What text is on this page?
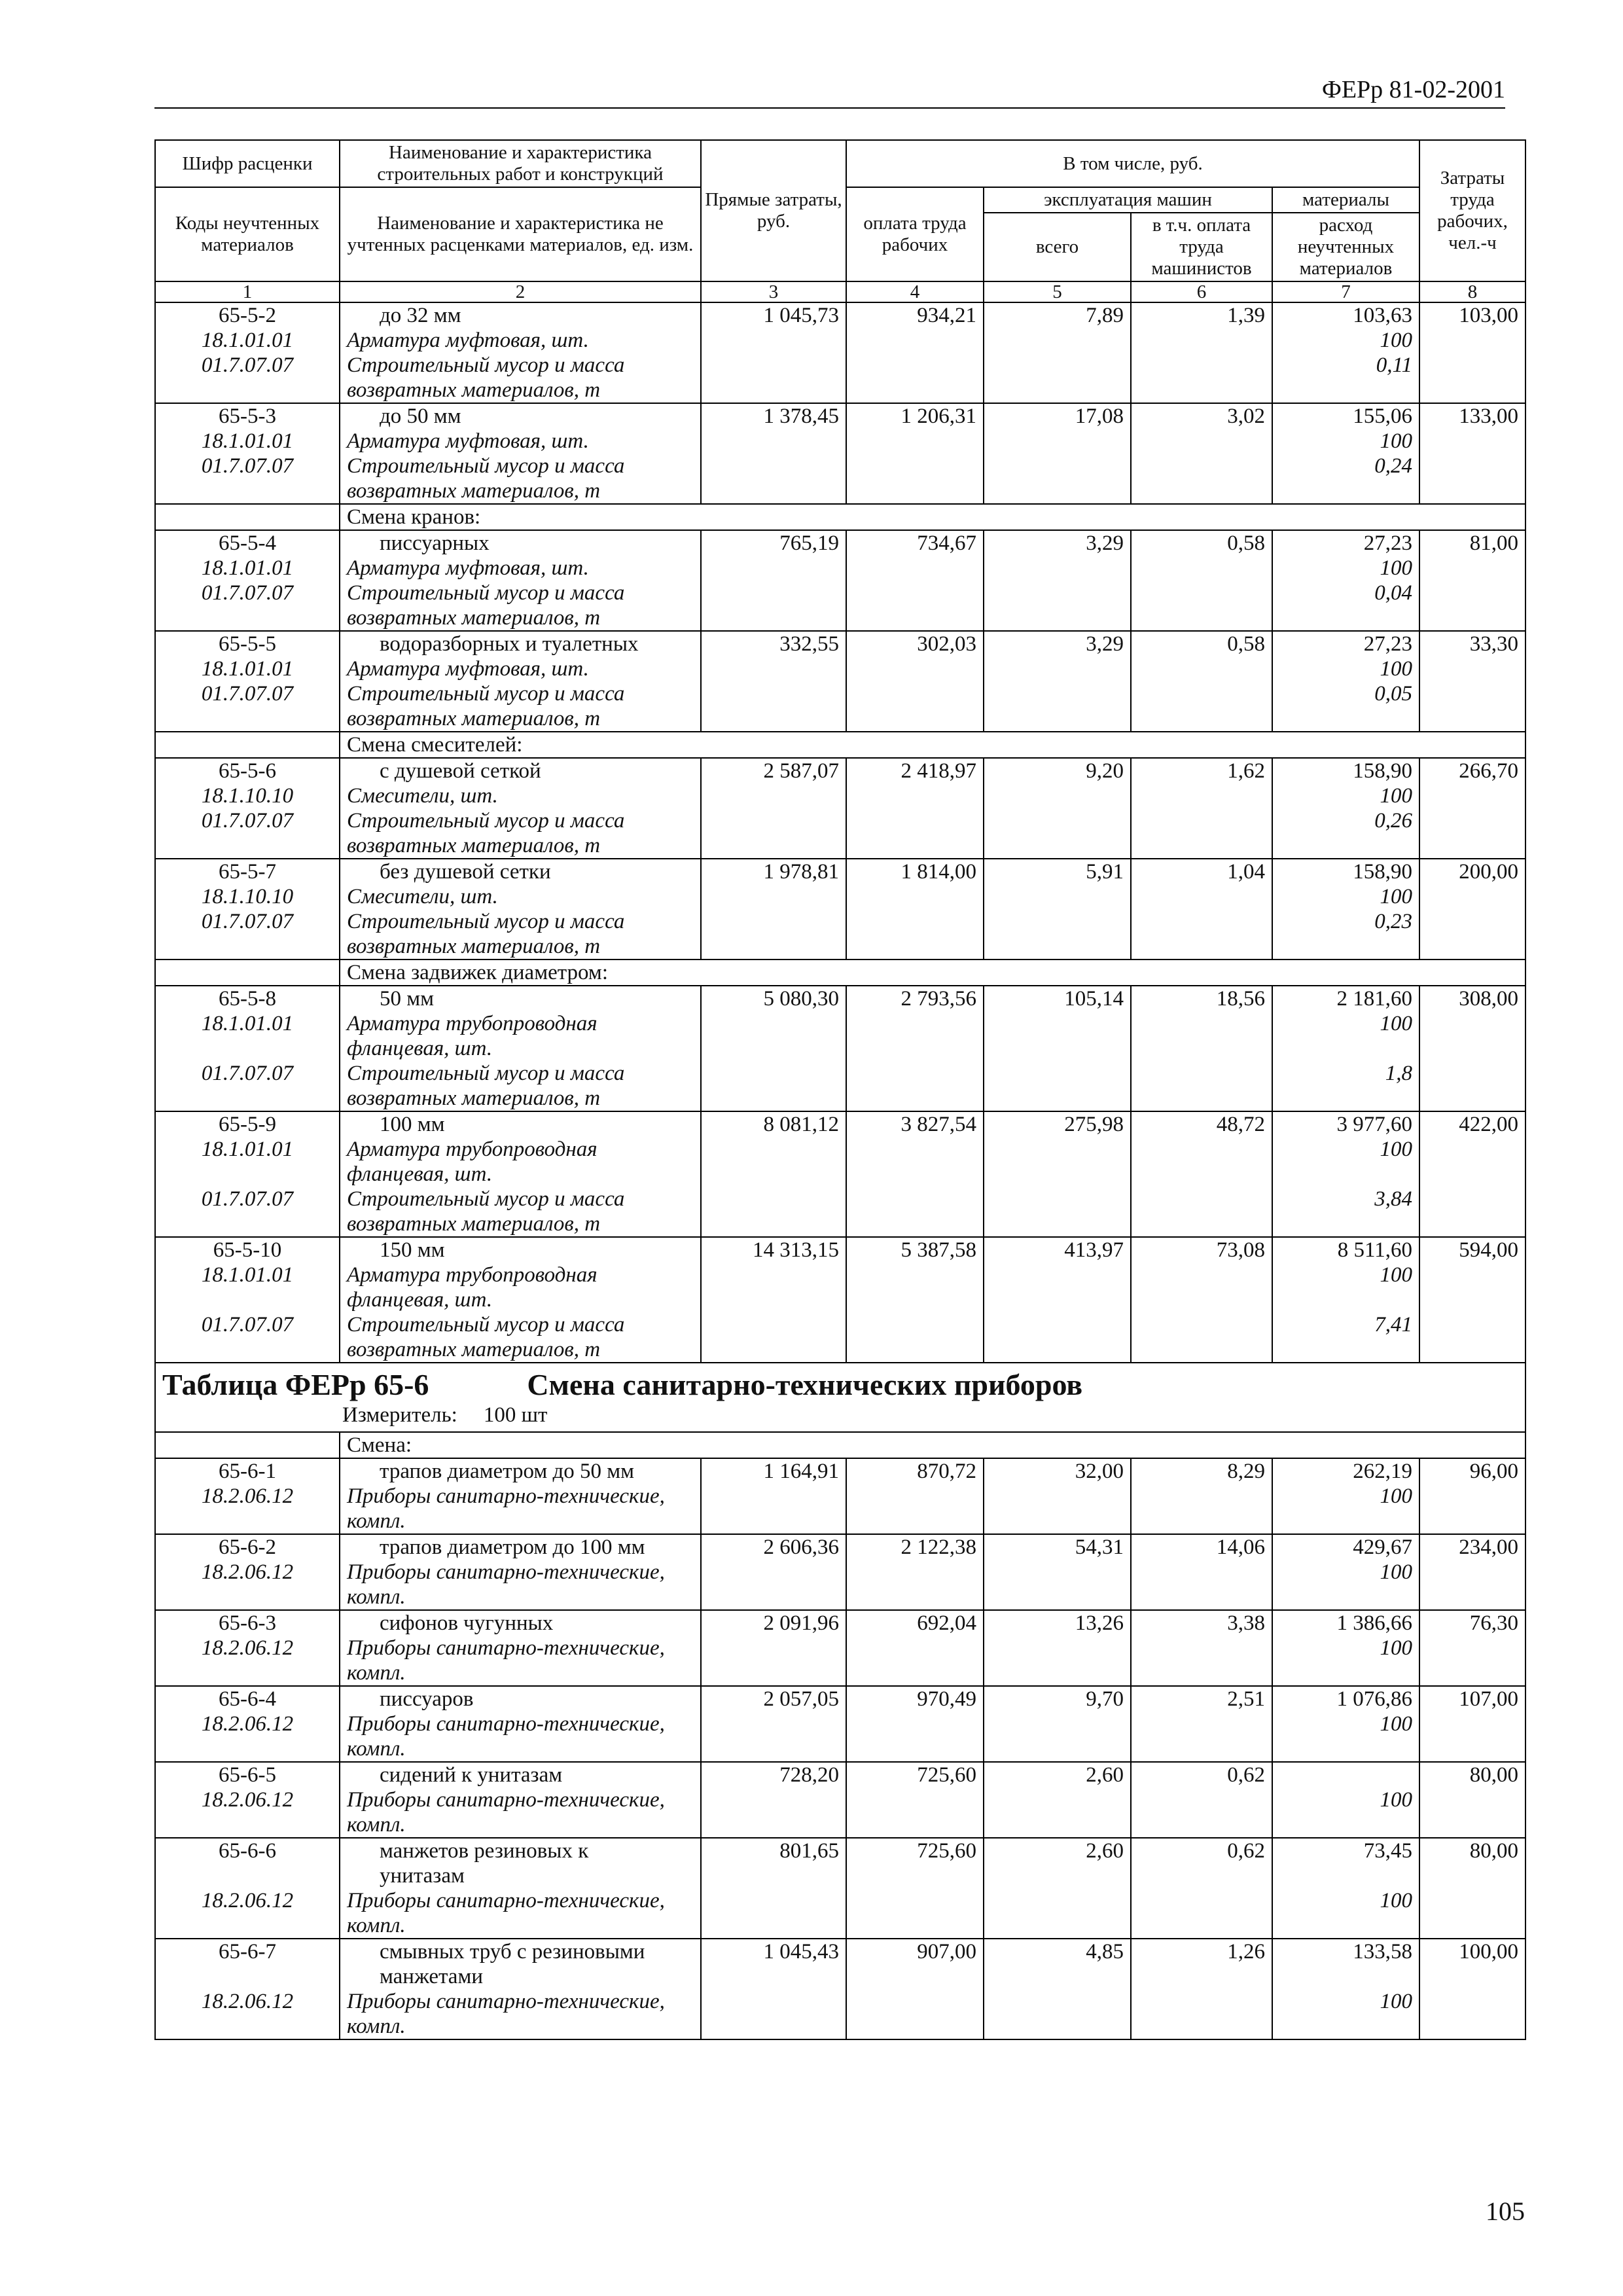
ФЕРр 81-02-2001
Шифр расценки	Наименование и характеристика строительных работ и конструкций	Прямые затраты, руб.	В том числе, руб.				Затраты труда рабочих, чел.-ч

Коды неучтенных материалов	Наименование и характеристика не учтенных расценками материалов, ед. изм.		оплата труда рабочих	эксплуатация машин		материалы	
				всего	в т.ч. оплата труда машинистов	расход неучтенных материалов	
1	2	3	4	5	6	7	8
65-5-2	до 32 мм	1 045,73	934,21	7,89	1,39	103,63	103,00
18.1.01.01	Арматура муфтовая, шт.					100	
01.7.07.07	Строительный мусор и масса					0,11	
	возвратных материалов, т						
65-5-3	до 50 мм	1 378,45	1 206,31	17,08	3,02	155,06	133,00
18.1.01.01	Арматура муфтовая, шт.					100	
01.7.07.07	Строительный мусор и масса					0,24	
	возвратных материалов, т						
	Смена кранов:						
65-5-4	писсуарных	765,19	734,67	3,29	0,58	27,23	81,00
18.1.01.01	Арматура муфтовая, шт.					100	
01.7.07.07	Строительный мусор и масса					0,04	
	возвратных материалов, т						
65-5-5	водоразборных и туалетных	332,55	302,03	3,29	0,58	27,23	33,30
18.1.01.01	Арматура муфтовая, шт.					100	
01.7.07.07	Строительный мусор и масса					0,05	
	возвратных материалов, т						
	Смена смесителей:						
65-5-6	с душевой сеткой	2 587,07	2 418,97	9,20	1,62	158,90	266,70
18.1.10.10	Смесители, шт.					100	
01.7.07.07	Строительный мусор и масса					0,26	
	возвратных материалов, т						
65-5-7	без душевой сетки	1 978,81	1 814,00	5,91	1,04	158,90	200,00
18.1.10.10	Смесители, шт.					100	
01.7.07.07	Строительный мусор и масса					0,23	
	возвратных материалов, т						
	Смена задвижек диаметром:						
65-5-8	50 мм	5 080,30	2 793,56	105,14	18,56	2 181,60	308,00
18.1.01.01	Арматура трубопроводная					100	
	фланцевая, шт.						
01.7.07.07	Строительный мусор и масса					1,8	
	возвратных материалов, т						
65-5-9	100 мм	8 081,12	3 827,54	275,98	48,72	3 977,60	422,00
18.1.01.01	Арматура трубопроводная					100	
	фланцевая, шт.						
01.7.07.07	Строительный мусор и масса					3,84	
	возвратных материалов, т						
65-5-10	150 мм	14 313,15	5 387,58	413,97	73,08	8 511,60	594,00
18.1.01.01	Арматура трубопроводная					100	
	фланцевая, шт.						
01.7.07.07	Строительный мусор и масса					7,41	
	возвратных материалов, т						
Таблица ФЕРр 65-6 Смена санитарно-технических приборов
Измеритель: 100 шт							
	Смена:						
65-6-1	трапов диаметром до 50 мм	1 164,91	870,72	32,00	8,29	262,19	96,00
18.2.06.12	Приборы санитарно-технические,					100	
	компл.						
65-6-2	трапов диаметром до 100 мм	2 606,36	2 122,38	54,31	14,06	429,67	234,00
18.2.06.12	Приборы санитарно-технические,					100	
	компл.						
65-6-3	сифонов чугунных	2 091,96	692,04	13,26	3,38	1 386,66	76,30
18.2.06.12	Приборы санитарно-технические,					100	
	компл.						
65-6-4	писсуаров	2 057,05	970,49	9,70	2,51	1 076,86	107,00
18.2.06.12	Приборы санитарно-технические,					100	
	компл.						
65-6-5	сидений к унитазам	728,20	725,60	2,60	0,62		80,00
18.2.06.12	Приборы санитарно-технические,					100	
	компл.						
65-6-6	манжетов резиновых к	801,65	725,60	2,60	0,62	73,45	80,00
	унитазам						
18.2.06.12	Приборы санитарно-технические,					100	
	компл.						
65-6-7	смывных труб с резиновыми	1 045,43	907,00	4,85	1,26	133,58	100,00
	манжетами						
18.2.06.12	Приборы санитарно-технические,					100	
	компл.						
105
